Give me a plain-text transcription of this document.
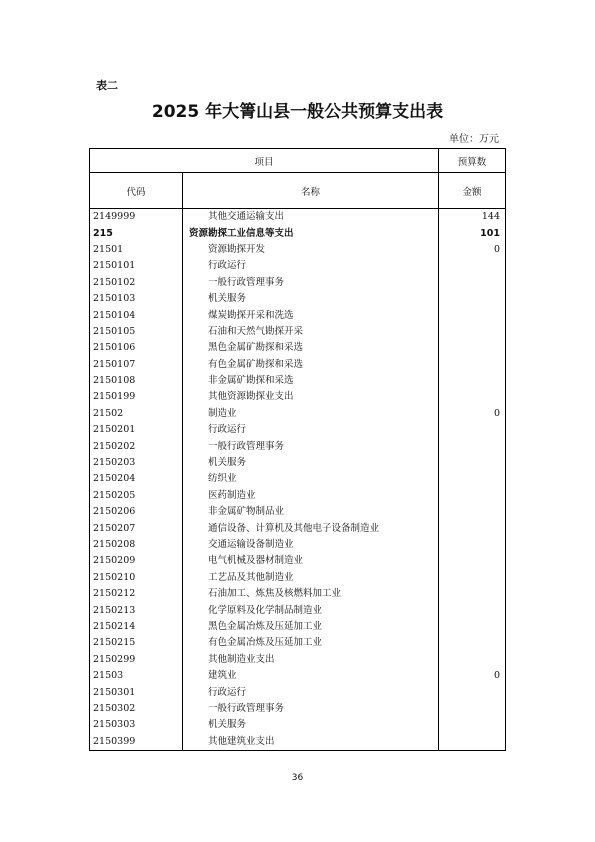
表二
2025 年大箐山县一般公共预算支出表
单位：万元
项目		预算数
代码	名称	金额
2149999	其他交通运输支出	144
215	资源勘探工业信息等支出	101
21501	资源勘探开发	0
2150101	行政运行	
2150102	一般行政管理事务	
2150103	机关服务	
2150104	煤炭勘探开采和洗选	
2150105	石油和天然气勘探开采	
2150106	黑色金属矿勘探和采选	
2150107	有色金属矿勘探和采选	
2150108	非金属矿勘探和采选	
2150199	其他资源勘探业支出	
21502	制造业	0
2150201	行政运行	
2150202	一般行政管理事务	
2150203	机关服务	
2150204	纺织业	
2150205	医药制造业	
2150206	非金属矿物制品业	
2150207	通信设备、计算机及其他电子设备制造业	
2150208	交通运输设备制造业	
2150209	电气机械及器材制造业	
2150210	工艺品及其他制造业	
2150212	石油加工、炼焦及核燃料加工业	
2150213	化学原料及化学制品制造业	
2150214	黑色金属冶炼及压延加工业	
2150215	有色金属冶炼及压延加工业	
2150299	其他制造业支出	
21503	建筑业	0
2150301	行政运行	
2150302	一般行政管理事务	
2150303	机关服务	
2150399	其他建筑业支出	
36
